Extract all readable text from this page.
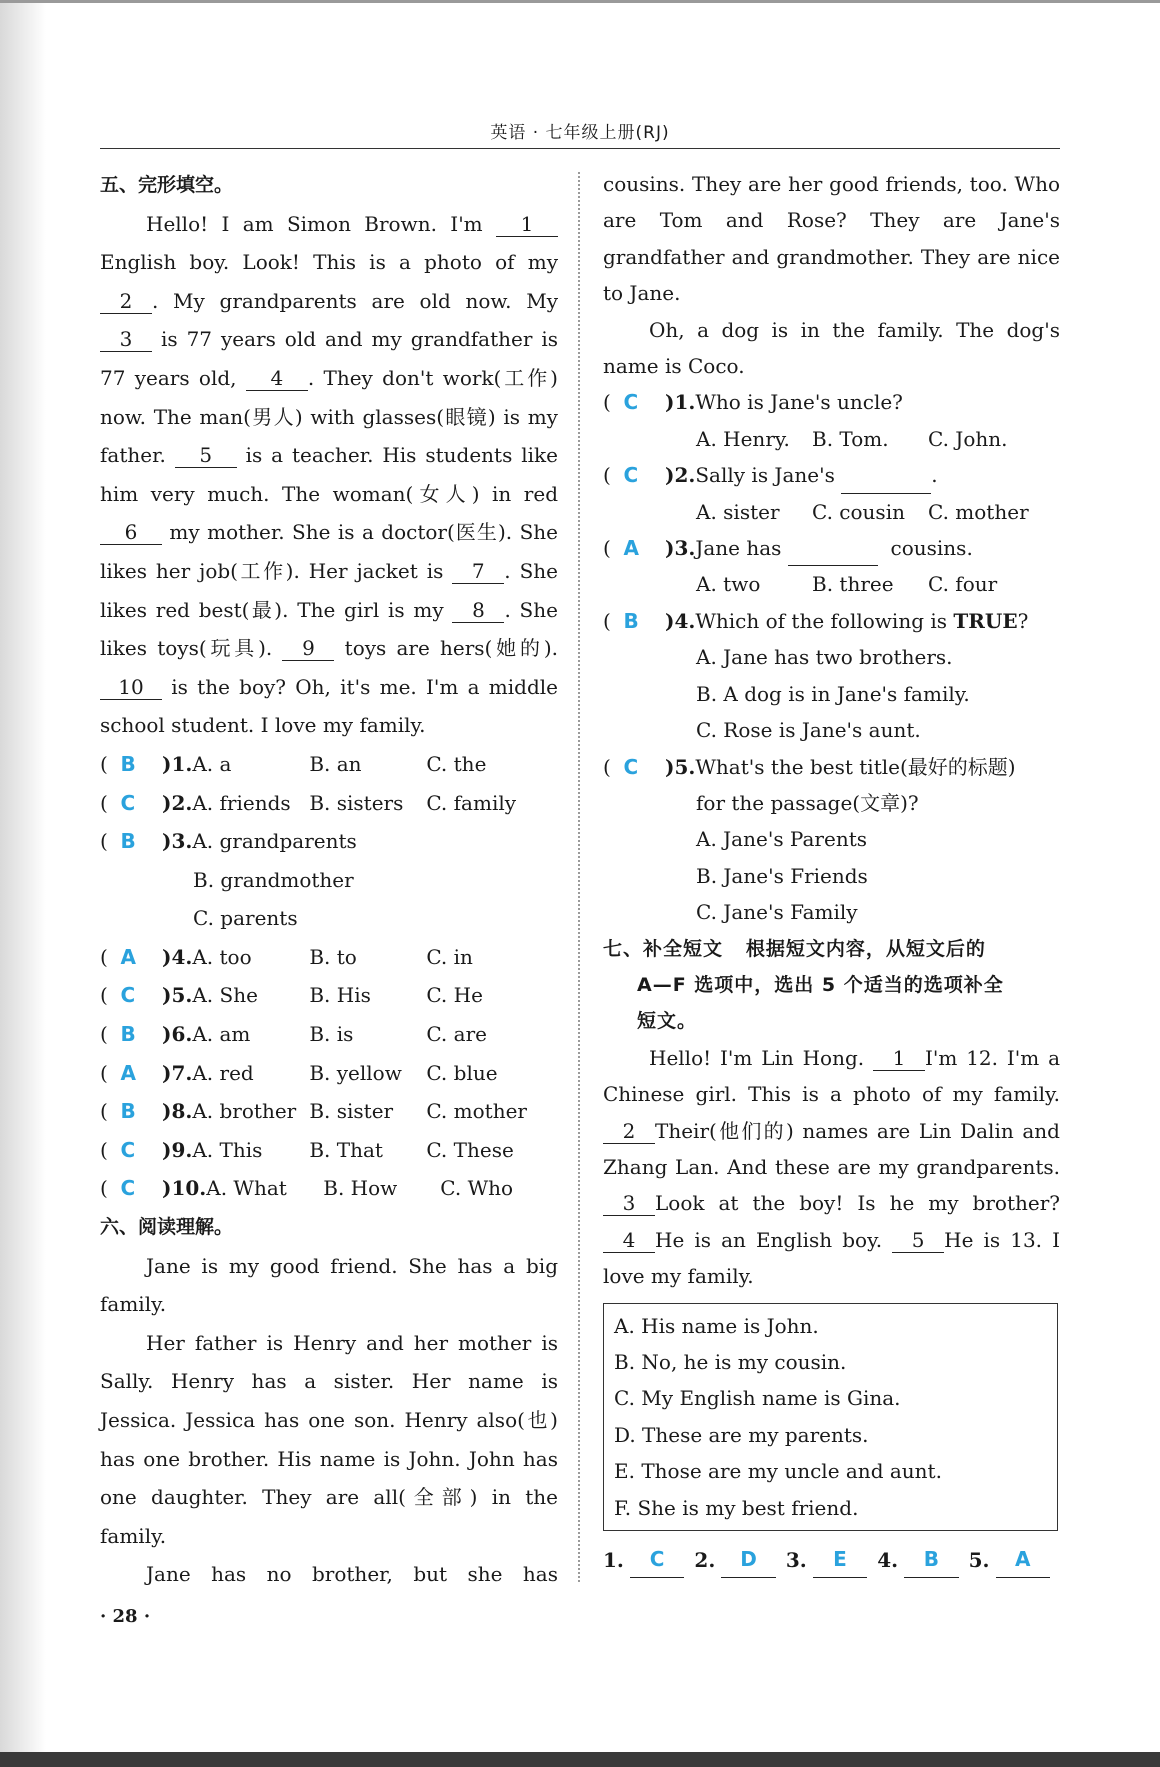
英语 · 七年级上册(RJ)
五、完形填空。
Hello! I am Simon Brown. I'm 1 English boy. Look! This is a photo of my 2 . My grandparents are old now. My 3 is 77 years old and my grandfather is 77 years old, 4 . They don't work(工作) now. The man(男人) with glasses(眼镜) is my father. 5 is a teacher. His students like him very much. The woman(女人) in red 6 my mother. She is a doctor(医生). She likes her job(工作). Her jacket is 7 . She likes red best(最). The girl is my 8 . She likes toys(玩具). 9 toys are hers(她的). 10 is the boy? Oh, it's me. I'm a middle school student. I love my family.
(  B	)1. A. a	B. an	C. the
(  C	)2. A. friends B. sisters	C. family
(  B	)3. A. grandparents
B. grandmother
C. parents
(  A	)4. A. too	B. to	C. in
(  C	)5. A. She	B. His	C. He
(  B	)6. A. am	B. is	C. are
(  A	)7. A. red	B. yellow	C. blue
(  B	)8. A. brother B. sister	C. mother
(  C	)9. A. This	B. That	C. These
(  C	)10. A. What	B. How	C. Who
六、阅读理解。
Jane is my good friend. She has a big family.
Her father is Henry and her mother is Sally. Henry has a sister. Her name is Jessica. Jessica has one son. Henry also(也) has one brother. His name is John. John has one daughter. They are all(全部) in the family.
Jane has no brother, but she has
cousins. They are her good friends, too. Who are Tom and Rose? They are Jane's grandfather and grandmother. They are nice to Jane.
Oh, a dog is in the family. The dog's name is Coco.
(  C	)1. Who is Jane's uncle?
A. Henry.	B. Tom.	C. John.
(  C	)2. Sally is Jane's
	.
A. sister	C. cousin	C. mother
(  A	)3. Jane has

	cousins.
A. two	B. three	C. four
(  B	)4. Which of the following is
TRUE ?
A. Jane has two brothers.
B. A dog is in Jane's family.
C. Rose is Jane's aunt.
(  C	)5. What's the best title(最好的标题)
for the passage(文章)?
A. Jane's Parents
B. Jane's Friends
C. Jane's Family
七、补全短文 根据短文内容，从短文后的
A—F 选项中，选出 5 个适当的选项补全
短文。
Hello! I'm Lin Hong. 1 I'm 12. I'm a Chinese girl. This is a photo of my family. 2 Their(他们的) names are Lin Dalin and Zhang Lan. And these are my grandparents. 3 Look at the boy! Is he my brother? 4 He is an English boy. 5 He is 13. I love my family.
A. His name is John.
B. No, he is my cousin.
C. My English name is Gina.
D. These are my parents.
E. Those are my uncle and aunt.
F. She is my best friend.
1.	C	2.	D	3.	E	4.	B	5.	A
· 28 ·
